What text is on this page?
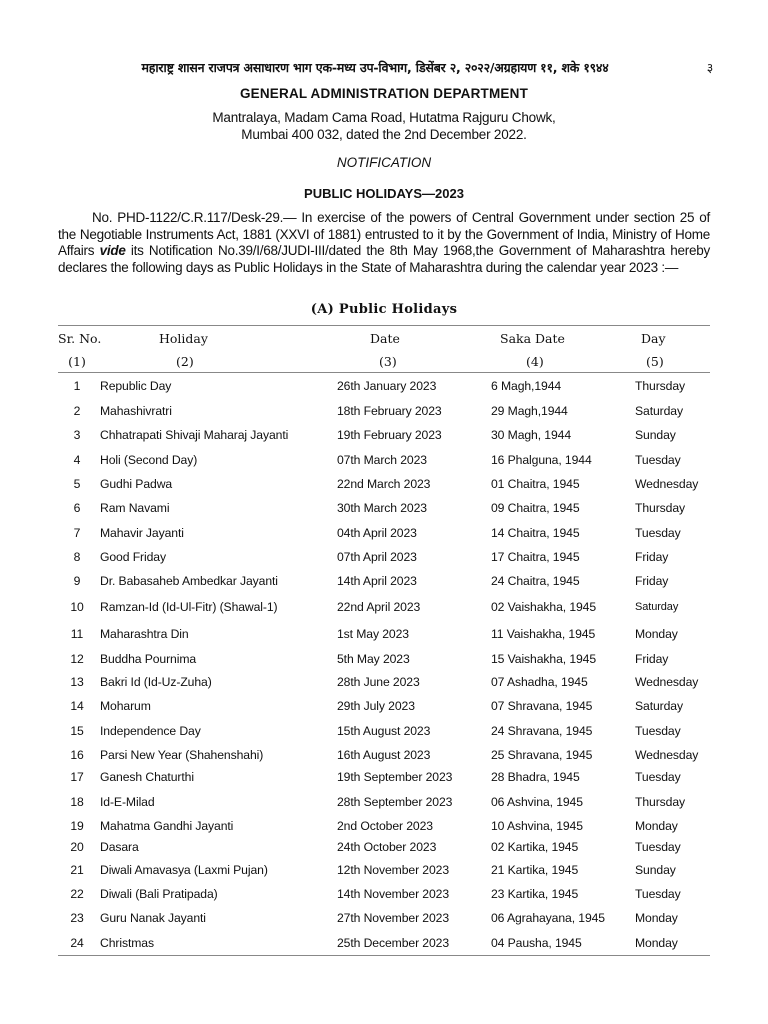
महाराष्ट्र शासन राजपत्र असाधारण भाग एक-मध्य उप-विभाग, डिसेंबर २, २०२२/अग्रहायण ११, शके १९४४	३
GENERAL ADMINISTRATION DEPARTMENT
Mantralaya, Madam Cama Road, Hutatma Rajguru Chowk,
Mumbai 400 032, dated the 2nd December 2022.
NOTIFICATION
PUBLIC HOLIDAYS—2023

No. PHD-1122/C.R.117/Desk-29.— In exercise of the powers of Central Government under section 25 of the Negotiable Instruments Act, 1881 (XXVI of 1881) entrusted to it by the Government of India, Ministry of Home Affairs vide its Notification No.39/I/68/JUDI-III/dated the 8th May 1968,the Government of Maharashtra hereby declares the following days as Public Holidays in the State of Maharashtra during the calendar year 2023 :—

(A) Public Holidays
Sr. No.	Holiday	Date	Saka Date	Day
(1)	(2)	(3)	(4)	(5)
1	Republic Day	26th January 2023	6 Magh,1944	Thursday
2	Mahashivratri	18th February 2023	29 Magh,1944	Saturday
3	Chhatrapati Shivaji Maharaj Jayanti	19th February 2023	30 Magh, 1944	Sunday
4	Holi (Second Day)	07th March 2023	16 Phalguna, 1944	Tuesday
5	Gudhi Padwa	22nd March 2023	01 Chaitra, 1945	Wednesday
6	Ram Navami	30th March 2023	09 Chaitra, 1945	Thursday
7	Mahavir Jayanti	04th April 2023	14 Chaitra, 1945	Tuesday
8	Good Friday	07th April 2023	17 Chaitra, 1945	Friday
9	Dr. Babasaheb Ambedkar Jayanti	14th April 2023	24 Chaitra, 1945	Friday
10	Ramzan-Id (Id-Ul-Fitr) (Shawal-1)	22nd April 2023	02 Vaishakha, 1945	Saturday
11	Maharashtra Din	1st May 2023	11 Vaishakha, 1945	Monday
12	Buddha Pournima	5th May 2023	15 Vaishakha, 1945	Friday
13	Bakri Id (Id-Uz-Zuha)	28th June 2023	07 Ashadha, 1945	Wednesday
14	Moharum	29th July 2023	07 Shravana, 1945	Saturday
15	Independence Day	15th August 2023	24 Shravana, 1945	Tuesday
16	Parsi New Year (Shahenshahi)	16th August 2023	25 Shravana, 1945	Wednesday
17	Ganesh Chaturthi	19th September 2023	28 Bhadra, 1945	Tuesday
18	Id-E-Milad	28th September 2023	06 Ashvina, 1945	Thursday
19	Mahatma Gandhi Jayanti	2nd October 2023	10 Ashvina, 1945	Monday
20	Dasara	24th October 2023	02 Kartika, 1945	Tuesday
21	Diwali Amavasya (Laxmi Pujan)	12th November 2023	21 Kartika, 1945	Sunday
22	Diwali (Bali Pratipada)	14th November 2023	23 Kartika, 1945	Tuesday
23	Guru Nanak Jayanti	27th November 2023	06 Agrahayana, 1945 Monday
24	Christmas	25th December 2023	04 Pausha, 1945	Monday
